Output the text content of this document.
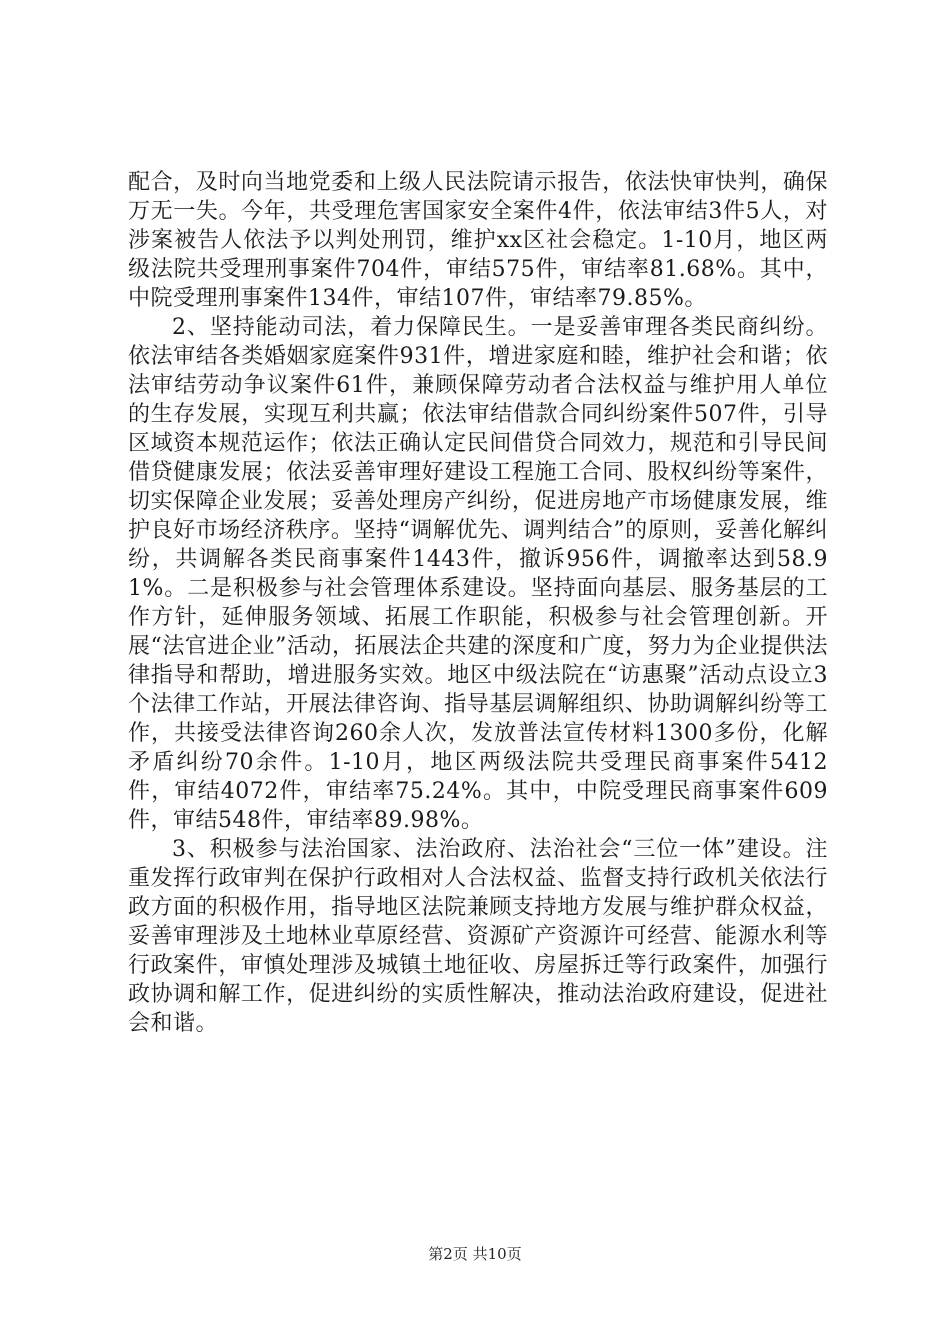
配合，及时向当地党委和上级人民法院请示报告，依法快审快判，确保万无一失。今年，共受理危害国家安全案件4件，依法审结3件5人，对涉案被告人依法予以判处刑罚，维护xx区社会稳定。1-10月，地区两级法院共受理刑事案件704件，审结575件，审结率81.68%。其中，中院受理刑事案件134件，审结107件，审结率79.85%。

2、坚持能动司法，着力保障民生。一是妥善审理各类民商纠纷。依法审结各类婚姻家庭案件931件，增进家庭和睦，维护社会和谐；依法审结劳动争议案件61件，兼顾保障劳动者合法权益与维护用人单位的生存发展，实现互利共赢；依法审结借款合同纠纷案件507件，引导区域资本规范运作；依法正确认定民间借贷合同效力，规范和引导民间借贷健康发展；依法妥善审理好建设工程施工合同、股权纠纷等案件，切实保障企业发展；妥善处理房产纠纷，促进房地产市场健康发展，维护良好市场经济秩序。坚持“调解优先、调判结合”的原则，妥善化解纠纷，共调解各类民商事案件1443件，撤诉956件，调撤率达到58.91%。二是积极参与社会管理体系建设。坚持面向基层、服务基层的工作方针，延伸服务领域、拓展工作职能，积极参与社会管理创新。开展“法官进企业”活动，拓展法企共建的深度和广度，努力为企业提供法律指导和帮助，增进服务实效。地区中级法院在“访惠聚”活动点设立3个法律工作站，开展法律咨询、指导基层调解组织、协助调解纠纷等工作，共接受法律咨询260余人次，发放普法宣传材料1300多份，化解矛盾纠纷70余件。1-10月，地区两级法院共受理民商事案件5412件，审结4072件，审结率75.24%。其中，中院受理民商事案件609件，审结548件，审结率89.98%。

3、积极参与法治国家、法治政府、法治社会“三位一体”建设。注重发挥行政审判在保护行政相对人合法权益、监督支持行政机关依法行政方面的积极作用，指导地区法院兼顾支持地方发展与维护群众权益，妥善审理涉及土地林业草原经营、资源矿产资源许可经营、能源水利等行政案件，审慎处理涉及城镇土地征收、房屋拆迁等行政案件，加强行政协调和解工作，促进纠纷的实质性解决，推动法治政府建设，促进社会和谐。

第2页 共10页
